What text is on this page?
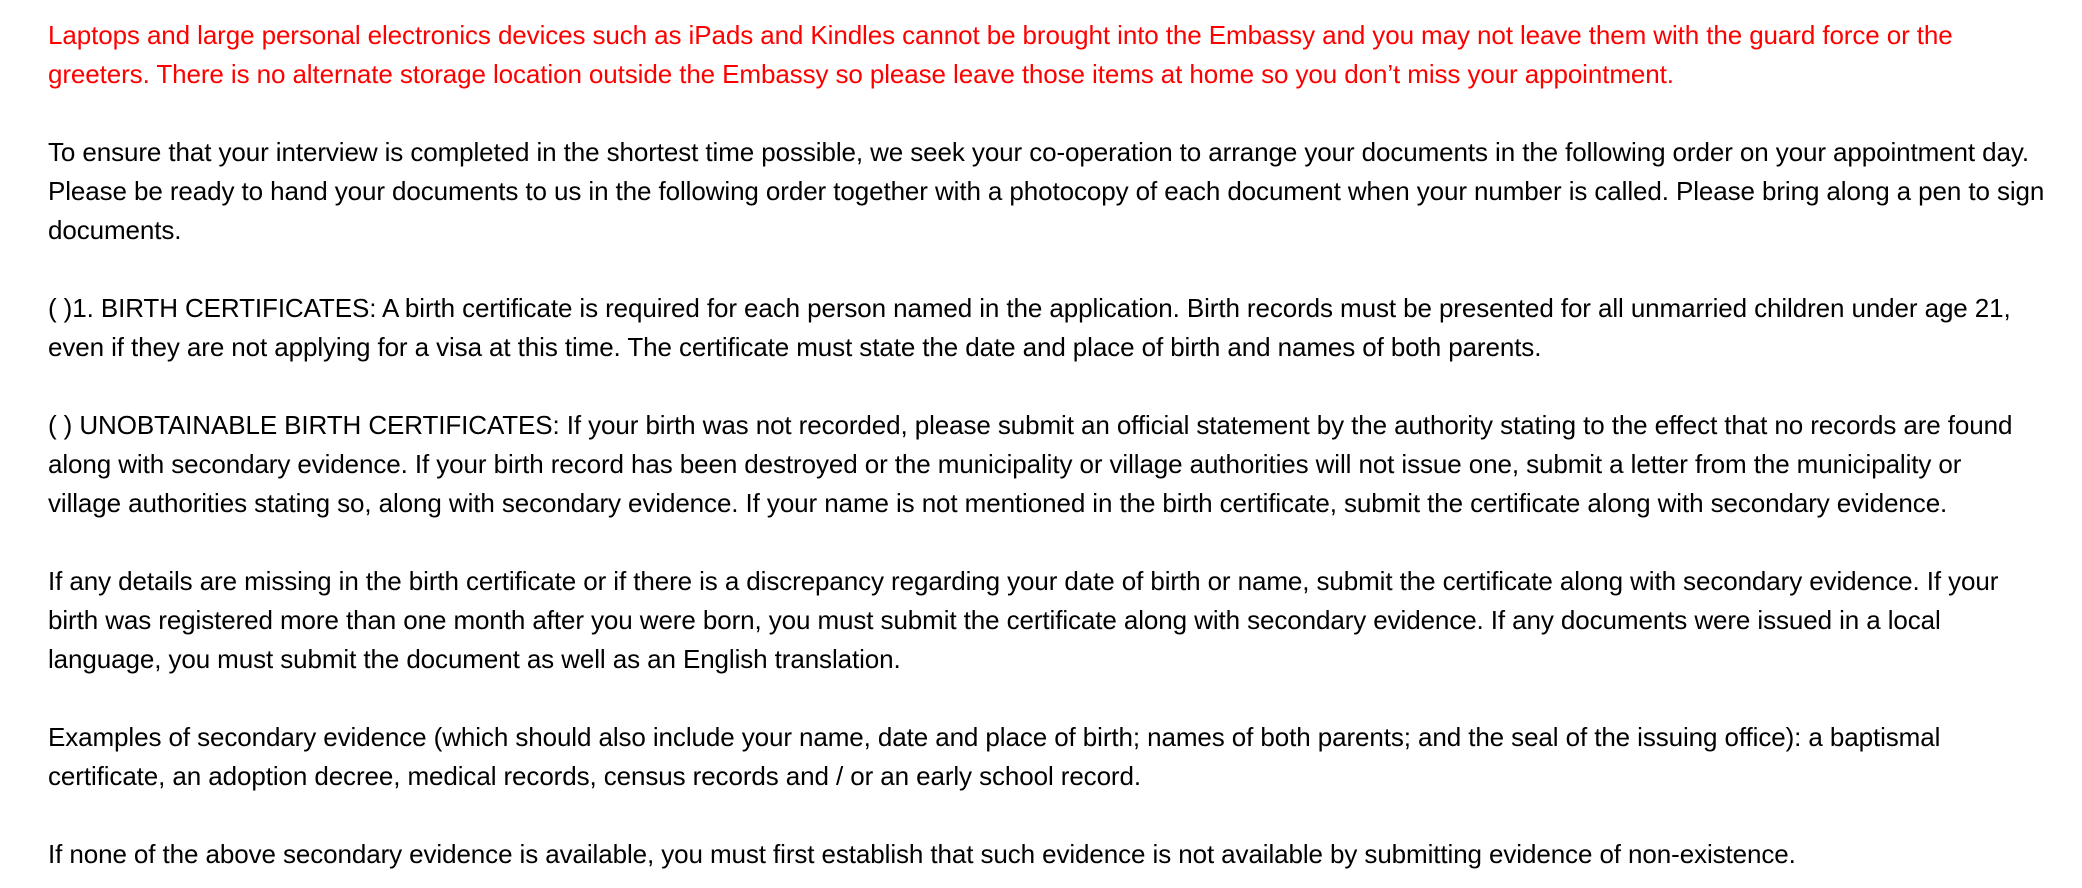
Laptops and large personal electronics devices such as iPads and Kindles cannot be brought into the Embassy and you may not leave them with the guard force or the
greeters. There is no alternate storage location outside the Embassy so please leave those items at home so you don’t miss your appointment.

To ensure that your interview is completed in the shortest time possible, we seek your co-operation to arrange your documents in the following order on your appointment day.
Please be ready to hand your documents to us in the following order together with a photocopy of each document when your number is called. Please bring along a pen to sign
documents.

( )1. BIRTH CERTIFICATES: A birth certificate is required for each person named in the application. Birth records must be presented for all unmarried children under age 21,
even if they are not applying for a visa at this time. The certificate must state the date and place of birth and names of both parents.

( ) UNOBTAINABLE BIRTH CERTIFICATES: If your birth was not recorded, please submit an official statement by the authority stating to the effect that no records are found
along with secondary evidence. If your birth record has been destroyed or the municipality or village authorities will not issue one, submit a letter from the municipality or
village authorities stating so, along with secondary evidence. If your name is not mentioned in the birth certificate, submit the certificate along with secondary evidence.

If any details are missing in the birth certificate or if there is a discrepancy regarding your date of birth or name, submit the certificate along with secondary evidence. If your
birth was registered more than one month after you were born, you must submit the certificate along with secondary evidence. If any documents were issued in a local
language, you must submit the document as well as an English translation.

Examples of secondary evidence (which should also include your name, date and place of birth; names of both parents; and the seal of the issuing office): a baptismal
certificate, an adoption decree, medical records, census records and / or an early school record.

If none of the above secondary evidence is available, you must first establish that such evidence is not available by submitting evidence of non-existence.
